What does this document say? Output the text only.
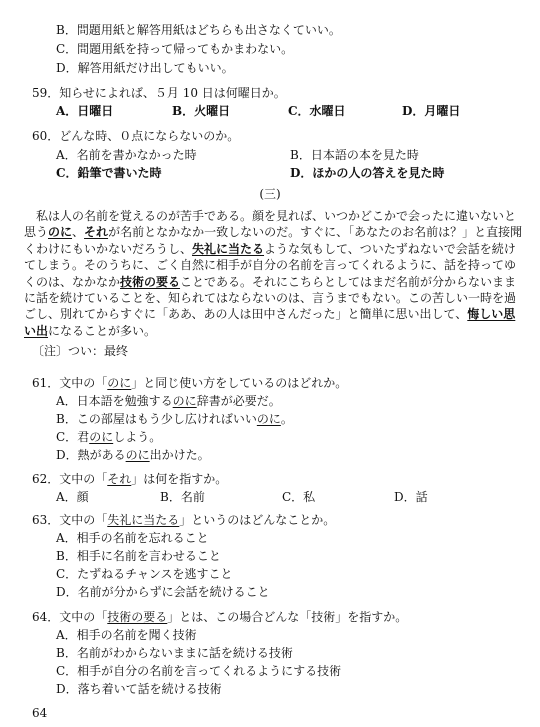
B．問題用紙と解答用紙はどちらも出さなくていい。
C．問題用紙を持って帰ってもかまわない。
D．解答用紙だけ出してもいい。
59．知らせによれば、５月 10 日は何曜日か。
A．日曜日	B．火曜日	C．水曜日	D．月曜日
60．どんな時、０点にならないのか。
A．名前を書かなかった時	B．日本語の本を見た時
C．鉛筆で書いた時	D．ほかの人の答えを見た時
(三)
　私は人の名前を覚えるのが苦手である。顔を見れば、いつかどこかで会ったに違いないと思うのに、それが名前となかなか一致しないのだ。すぐに、「あなたのお名前は？」と直接聞くわけにもいかないだろうし、失礼に当たるような気もして、ついたずねないで会話を続けてしまう。そのうちに、ごく自然に相手が自分の名前を言ってくれるように、話を持ってゆくのは、なかなか技術の要ることである。それにこちらとしてはまだ名前が分からないままに話を続けていることを、知られてはならないのは、言うまでもない。この苦しい一時を過ごし、別れてからすぐに「ああ、あの人は田中さんだった」と簡単に思い出して、悔しい思い出になることが多い。
〔注〕つい：最终
61．文中の「のに」と同じ使い方をしているのはどれか。
A．日本語を勉強するのに辞書が必要だ。
B．この部屋はもう少し広ければいいのに。
C．君のにしよう。
D．熱があるのに出かけた。
62．文中の「それ」は何を指すか。
A．顔	B．名前	C．私	D．話
63．文中の「失礼に当たる」というのはどんなことか。
A．相手の名前を忘れること
B．相手に名前を言わせること
C．たずねるチャンスを逃すこと
D．名前が分からずに会話を続けること
64．文中の「技術の要る」とは、この場合どんな「技術」を指すか。
A．相手の名前を聞く技術
B．名前がわからないままに話を続ける技術
C．相手が自分の名前を言ってくれるようにする技術
D．落ち着いて話を続ける技術
64
